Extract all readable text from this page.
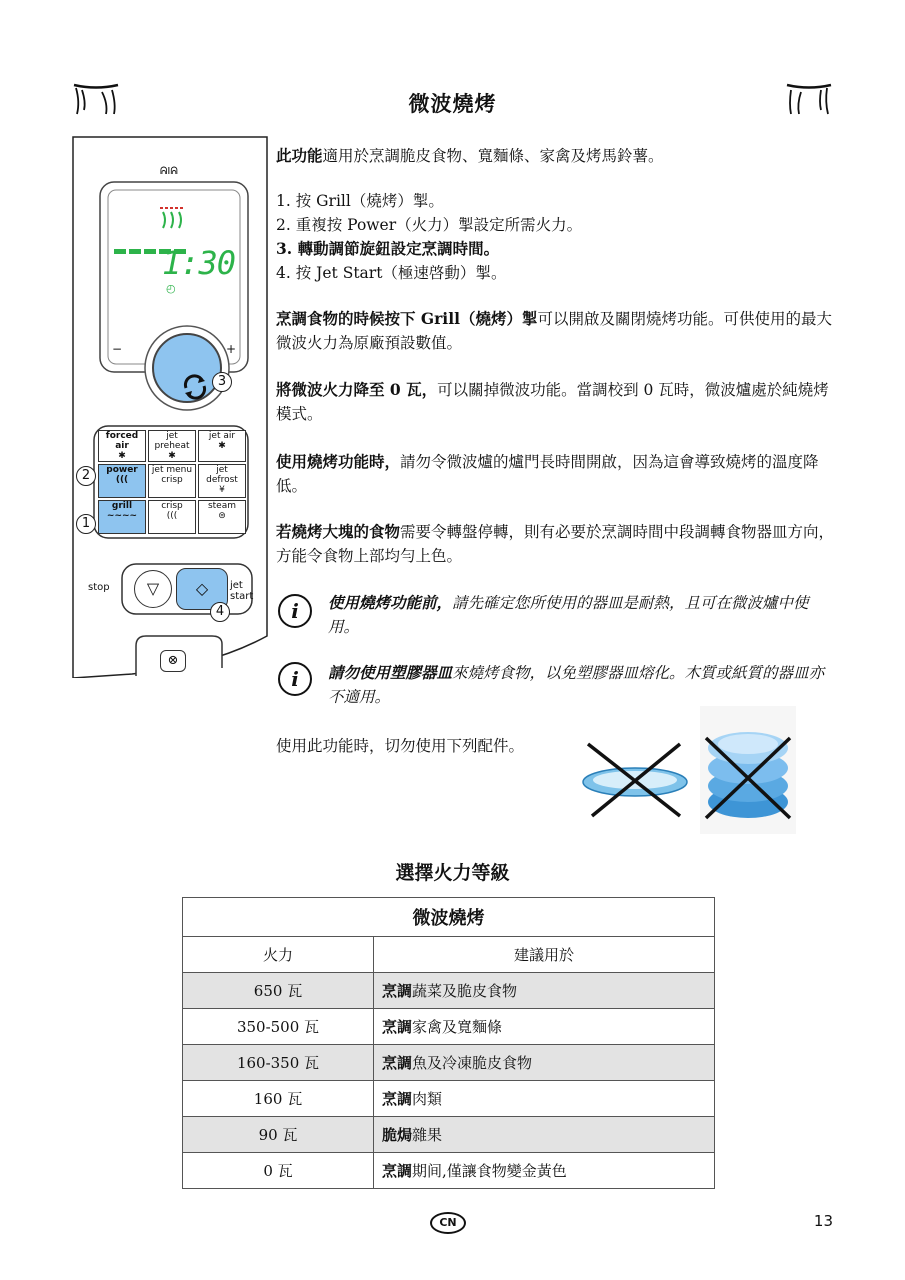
微波燒烤
ᕱIᕱ
1:30
◴
−	+
3
forced air
✱
jet preheat
✱
jet air
✱
power
(((
jet menu crisp
jet defrost
¥
grill
~~~~
crisp
(((
steam
⊜
2
1
stop	▽	◇	jet start
4
⊗
此功能適用於烹調脆皮食物、寬麵條、家禽及烤馬鈴薯。
1. 按 Grill（燒烤）掣。
2. 重複按 Power（火力）掣設定所需火力。
3. 轉動調節旋鈕設定烹調時間。
4. 按 Jet Start（極速啓動）掣。
烹調食物的時候按下 Grill（燒烤）掣可以開啟及關閉燒烤功能。可供使用的最大微波火力為原廠預設數值。
將微波火力降至 0 瓦，可以關掉微波功能。當調校到 0 瓦時，微波爐處於純燒烤模式。
使用燒烤功能時，請勿令微波爐的爐門長時間開啟，因為這會導致燒烤的溫度降低。
若燒烤大塊的食物需要令轉盤停轉，則有必要於烹調時間中段調轉食物器皿方向，方能令食物上部均勻上色。
i	使用燒烤功能前，請先確定您所使用的器皿是耐熱，且可在微波爐中使用。
i	請勿使用塑膠器皿來燒烤食物，以免塑膠器皿熔化。木質或紙質的器皿亦不適用。
使用此功能時，切勿使用下列配件。
選擇火力等級
微波燒烤	
火力	建議用於
650 瓦	烹調蔬菜及脆皮食物
350-500 瓦	烹調家禽及寬麵條
160-350 瓦	烹調魚及冷凍脆皮食物
160 瓦	烹調肉類
90 瓦	脆焗雜果
0 瓦	烹調期间,僅讓食物變金黃色
CN	13
